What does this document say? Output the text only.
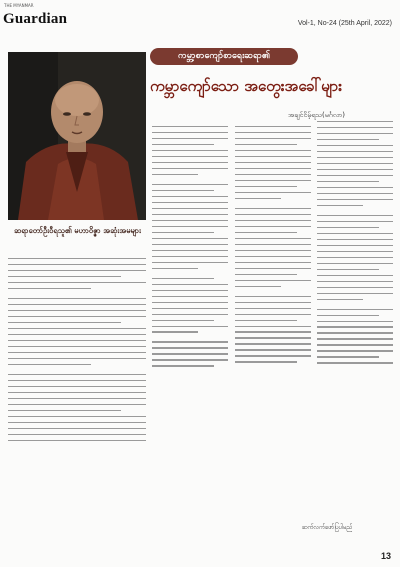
THE MYANMAR
Guardian	Vol-1, No-24 (25th April, 2022)
ဆရာတော်ဦးဝီရသူ၏ မဟာဝိဇ္ဇာ အဆုံးအမများ
ကမ္ဘာ့စာကျော်စာရေးဆရာ၏
ကမ္ဘာကျော်သော အတွေးအခေါ်များ
အချင်ငိမ့်ရသ(မင်္ဂလာ)
ဆက်လက်ဖော်ပြပါမည်
13
